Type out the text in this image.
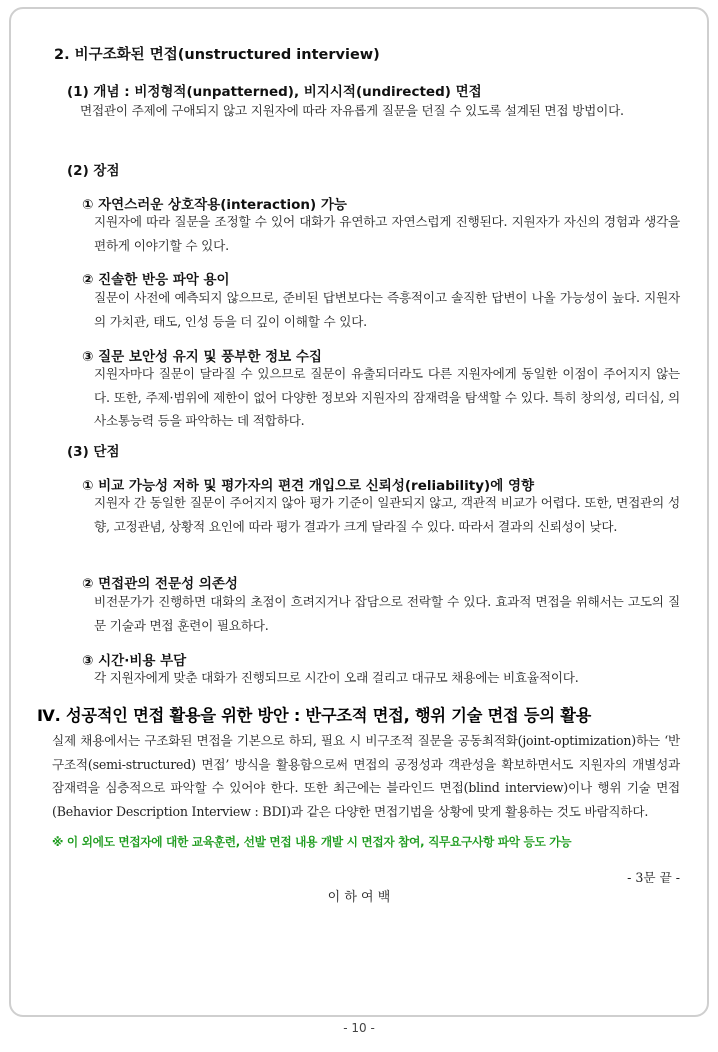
2. 비구조화된 면접(unstructured interview)
(1) 개념 : 비정형적(unpatterned), 비지시적(undirected) 면접
면접관이 주제에 구애되지 않고 지원자에 따라 자유롭게 질문을 던질 수 있도록 설계된 면접 방법이다.
(2) 장점
① 자연스러운 상호작용(interaction) 가능
지원자에 따라 질문을 조정할 수 있어 대화가 유연하고 자연스럽게 진행된다. 지원자가 자신의 경험과 생각을 편하게 이야기할 수 있다.
② 진솔한 반응 파악 용이
질문이 사전에 예측되지 않으므로, 준비된 답변보다는 즉흥적이고 솔직한 답변이 나올 가능성이 높다. 지원자의 가치관, 태도, 인성 등을 더 깊이 이해할 수 있다.
③ 질문 보안성 유지 및 풍부한 정보 수집
지원자마다 질문이 달라질 수 있으므로 질문이 유출되더라도 다른 지원자에게 동일한 이점이 주어지지 않는다. 또한, 주제·범위에 제한이 없어 다양한 정보와 지원자의 잠재력을 탐색할 수 있다. 특히 창의성, 리더십, 의사소통능력 등을 파악하는 데 적합하다.
(3) 단점
① 비교 가능성 저하 및 평가자의 편견 개입으로 신뢰성(reliability)에 영향
지원자 간 동일한 질문이 주어지지 않아 평가 기준이 일관되지 않고, 객관적 비교가 어렵다. 또한, 면접관의 성향, 고정관념, 상황적 요인에 따라 평가 결과가 크게 달라질 수 있다. 따라서 결과의 신뢰성이 낮다.
② 면접관의 전문성 의존성
비전문가가 진행하면 대화의 초점이 흐려지거나 잡담으로 전락할 수 있다. 효과적 면접을 위해서는 고도의 질문 기술과 면접 훈련이 필요하다.
③ 시간·비용 부담
각 지원자에게 맞춘 대화가 진행되므로 시간이 오래 걸리고 대규모 채용에는 비효율적이다.
Ⅳ. 성공적인 면접 활용을 위한 방안 : 반구조적 면접, 행위 기술 면접 등의 활용
실제 채용에서는 구조화된 면접을 기본으로 하되, 필요 시 비구조적 질문을 공동최적화(joint-optimization)하는 ‘반구조적(semi-structured) 면접’ 방식을 활용함으로써 면접의 공정성과 객관성을 확보하면서도 지원자의 개별성과 잠재력을 심층적으로 파악할 수 있어야 한다. 또한 최근에는 블라인드 면접(blind interview)이나 행위 기술 면접(Behavior Description Interview : BDI)과 같은 다양한 면접기법을 상황에 맞게 활용하는 것도 바람직하다.
※ 이 외에도 면접자에 대한 교육훈련, 선발 면접 내용 개발 시 면접자 참여, 직무요구사항 파악 등도 가능
- 3문 끝 -
이 하 여 백
- 10 -
